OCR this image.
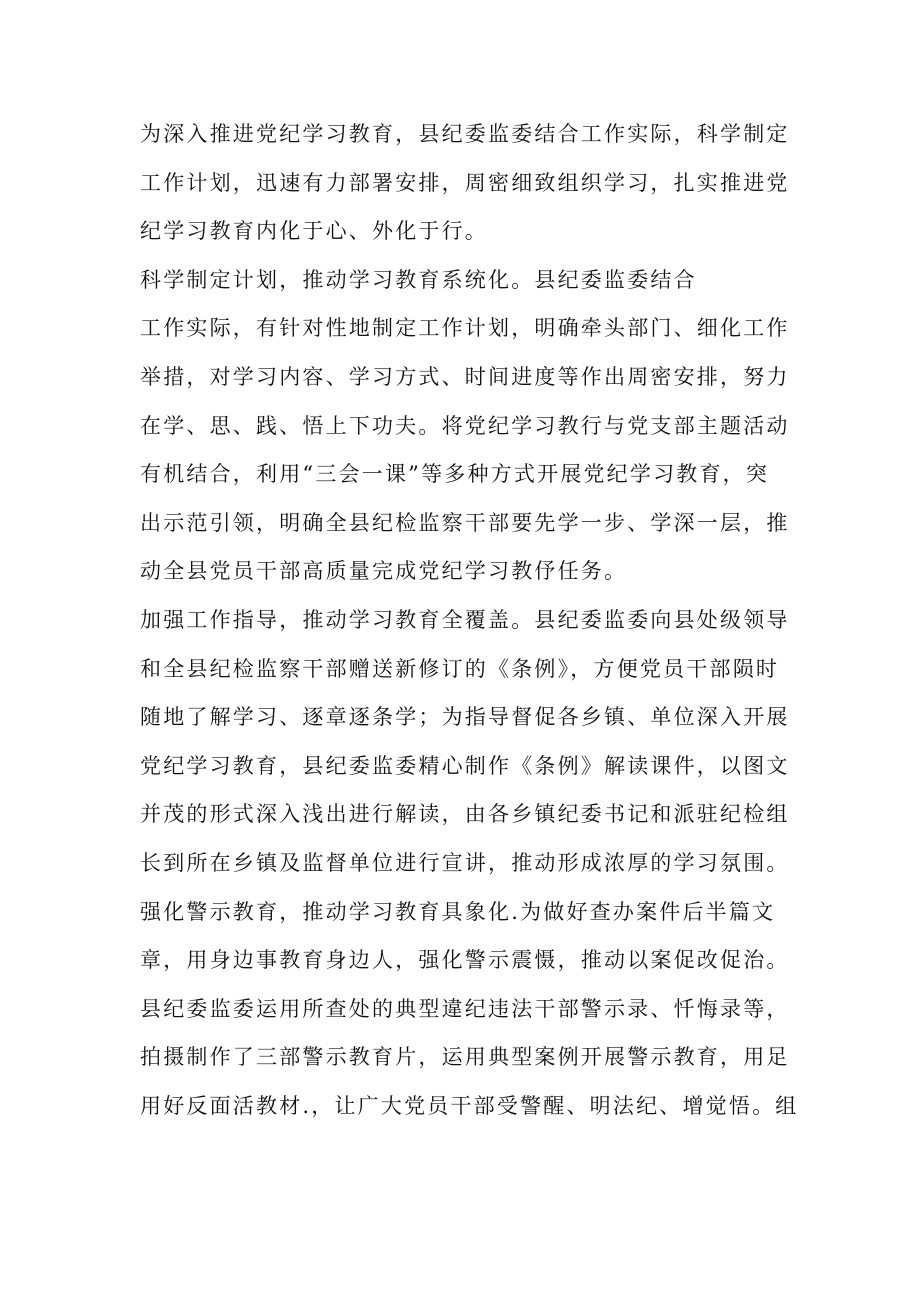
为深入推进党纪学习教育，县纪委监委结合工作实际，科学制定
工作计划，迅速有力部署安排，周密细致组织学习，扎实推进党
纪学习教育内化于心、外化于行。
科学制定计划，推动学习教育系统化。县纪委监委结合
工作实际，有针对性地制定工作计划，明确牵头部门、细化工作
举措，对学习内容、学习方式、时间进度等作出周密安排，努力
在学、思、践、悟上下功夫。将党纪学习教行与党支部主题活动
有机结合，利用“三会一课”等多种方式开展党纪学习教育，突
出示范引领，明确全县纪检监察干部要先学一步、学深一层，推
动全县党员干部高质量完成党纪学习教伃任务。
加强工作指导，推动学习教育全覆盖。县纪委监委向县处级领导
和全县纪检监察干部赠送新修订的《条例》，方便党员干部陨时
随地了解学习、逐章逐条学；为指导督促各乡镇、单位深入开展
党纪学习教育，县纪委监委精心制作《条例》解读课件，以图文
并茂的形式深入浅出进行解读，由各乡镇纪委书记和派驻纪检组
长到所在乡镇及监督单位进行宣讲，推动形成浓厚的学习氛围。
强化警示教育，推动学习教育具象化.为做好查办案件后半篇文
章，用身边事教育身边人，强化警示震慑，推动以案促改促治。
县纪委监委运用所查处的典型違纪违法干部警示录、忏悔录等，
拍摄制作了三部警示教育片，运用典型案例开展警示教育，用足
用好反面活教材.，让广大党员干部受警醒、明法纪、增觉悟。组
